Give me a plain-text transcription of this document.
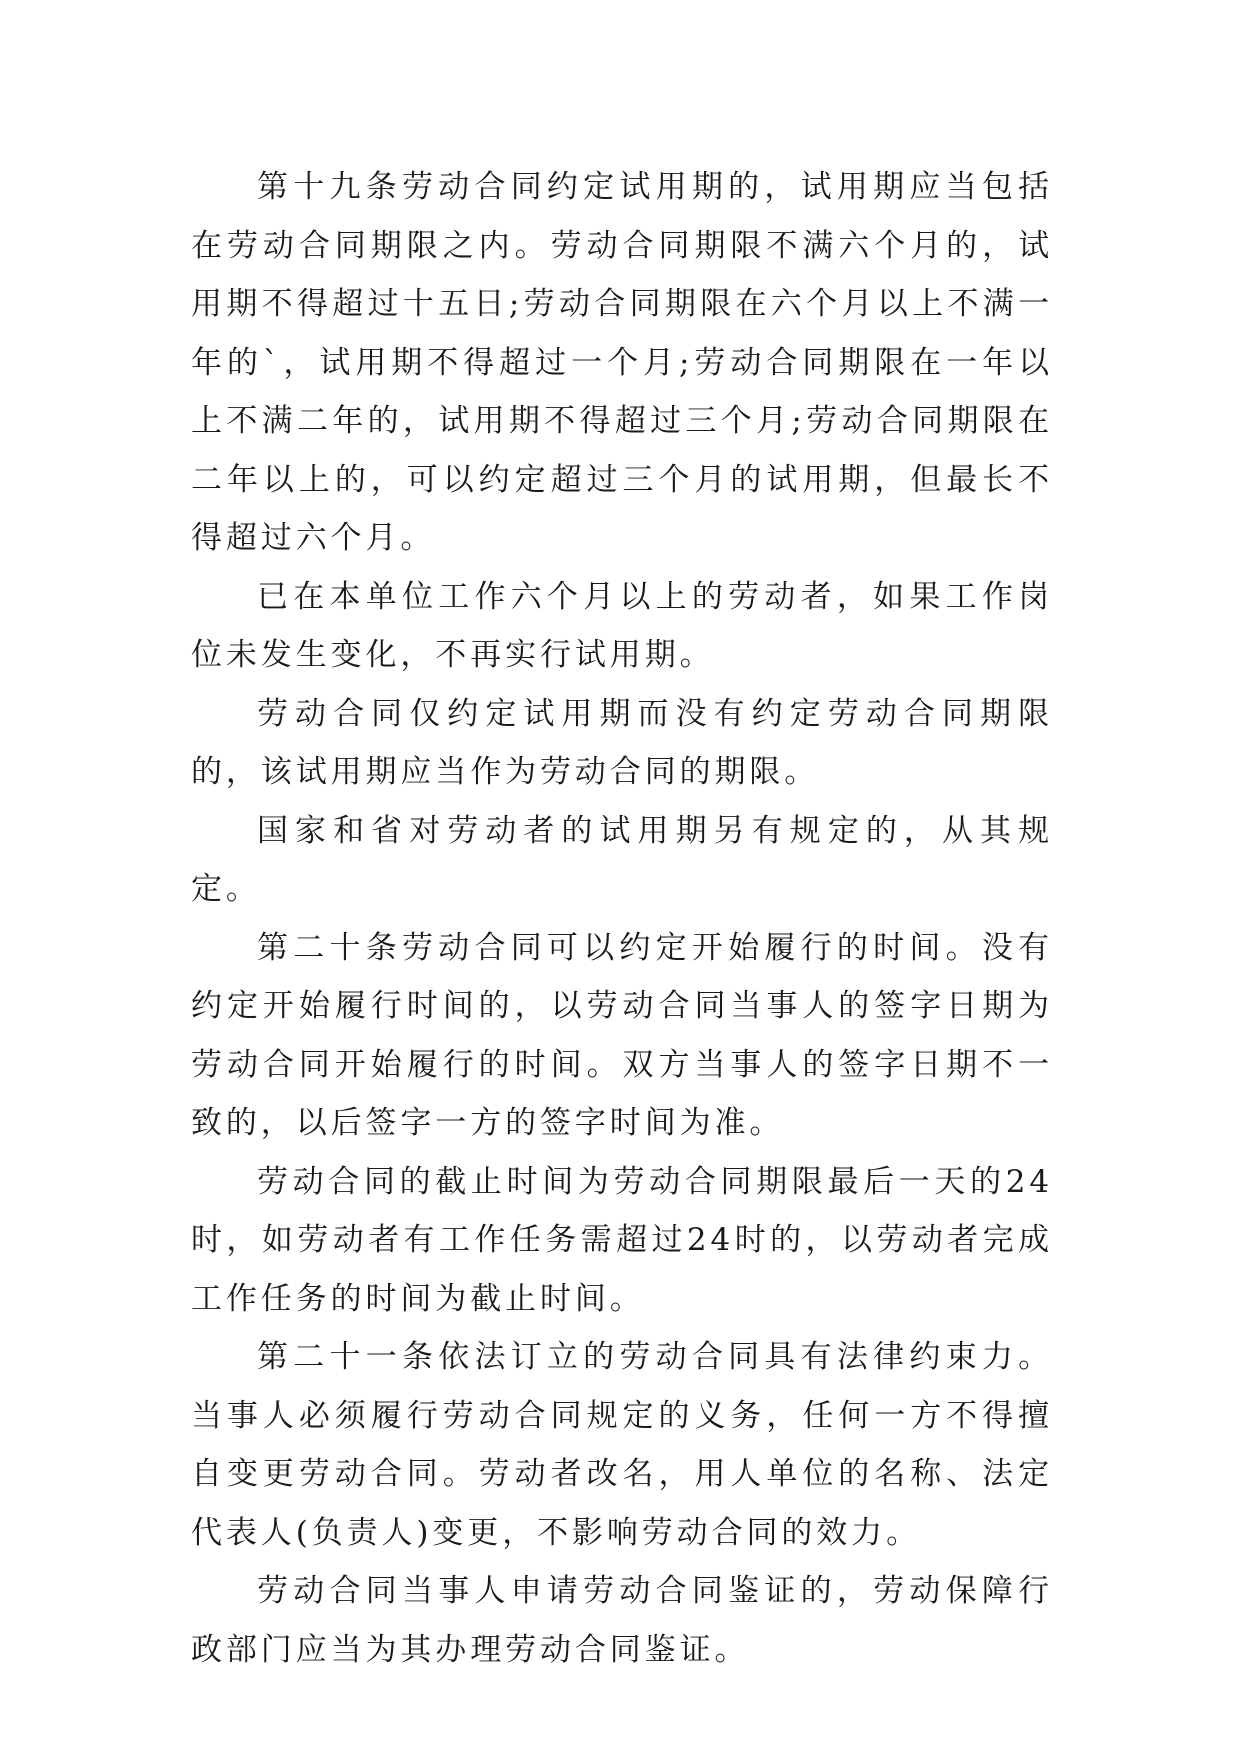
第十九条劳动合同约定试用期的，试用期应当包括在劳动合同期限之内。劳动合同期限不满六个月的，试用期不得超过十五日;劳动合同期限在六个月以上不满一年的`，试用期不得超过一个月;劳动合同期限在一年以上不满二年的，试用期不得超过三个月;劳动合同期限在二年以上的，可以约定超过三个月的试用期，但最长不得超过六个月。

已在本单位工作六个月以上的劳动者，如果工作岗位未发生变化，不再实行试用期。

劳动合同仅约定试用期而没有约定劳动合同期限的，该试用期应当作为劳动合同的期限。

国家和省对劳动者的试用期另有规定的，从其规定。

第二十条劳动合同可以约定开始履行的时间。没有约定开始履行时间的，以劳动合同当事人的签字日期为劳动合同开始履行的时间。双方当事人的签字日期不一致的，以后签字一方的签字时间为准。

劳动合同的截止时间为劳动合同期限最后一天的24时，如劳动者有工作任务需超过24时的，以劳动者完成工作任务的时间为截止时间。

第二十一条依法订立的劳动合同具有法律约束力。当事人必须履行劳动合同规定的义务，任何一方不得擅自变更劳动合同。劳动者改名，用人单位的名称、法定代表人(负责人)变更，不影响劳动合同的效力。

劳动合同当事人申请劳动合同鉴证的，劳动保障行政部门应当为其办理劳动合同鉴证。
